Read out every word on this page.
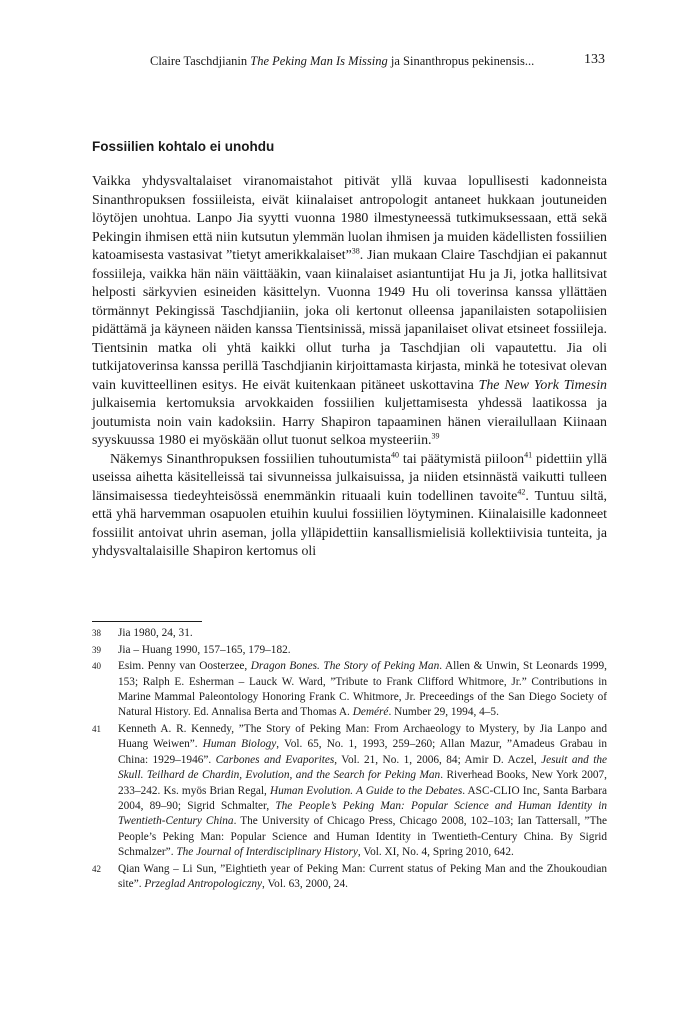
Claire Taschdjianin The Peking Man Is Missing ja Sinanthropus pekinensis...	133
Fossiilien kohtalo ei unohdu

Vaikka yhdysvaltalaiset viranomaistahot pitivät yllä kuvaa lopullisesti kadonneista Sinanthropuksen fossiileista, eivät kiinalaiset antropologit antaneet hukkaan joutuneiden löytöjen unohtua. Lanpo Jia syytti vuonna 1980 ilmestyneessä tutkimuksessaan, että sekä Pekingin ihmisen että niin kutsutun ylemmän luolan ihmisen ja muiden kädellisten fossiilien katoamisesta vastasivat ”tietyt amerikkalaiset”$^{38}$. Jian mukaan Claire Taschdjian ei pakannut fossiileja, vaikka hän näin väittääkin, vaan kiinalaiset asiantuntijat Hu ja Ji, jotka hallitsivat helposti särkyvien esineiden käsittelyn. Vuonna 1949 Hu oli toverinsa kanssa yllättäen törmännyt Pekingissä Taschdjianiin, joka oli kertonut olleensa japanilaisten sotapoliisien pidättämä ja käyneen näiden kanssa Tientsinissä, missä japanilaiset olivat etsineet fossiileja. Tientsinin matka oli yhtä kaikki ollut turha ja Taschdjian oli vapautettu. Jia oli tutkijatoverinsa kanssa perillä Taschdjianin kirjoittamasta kirjasta, minkä he totesivat olevan vain kuvitteellinen esitys. He eivät kuitenkaan pitäneet uskottavina The New York Timesin julkaisemia kertomuksia arvokkaiden fossiilien kuljettamisesta yhdessä laatikossa ja joutumista noin vain kadoksiin. Harry Shapiron tapaaminen hänen vierailullaan Kiinaan syyskuussa 1980 ei myöskään ollut tuonut selkoa mysteeriin.$^{39}$

Näkemys Sinanthropuksen fossiilien tuhoutumista$^{40}$ tai päätymistä piiloon$^{41}$ pidettiin yllä useissa aihetta käsitelleissä tai sivunneissa julkaisuissa, ja niiden etsinnästä vaikutti tulleen länsimaisessa tiedeyhteisössä enemmänkin rituaali kuin todellinen tavoite$^{42}$. Tuntuu siltä, että yhä harvemman osapuolen etuihin kuului fossiilien löytyminen. Kiinalaisille kadonneet fossiilit antoivat uhrin aseman, jolla ylläpidettiin kansallismielisiä kollektiivisia tunteita, ja yhdysvaltalaisille Shapiron kertomus oli

38	Jia 1980, 24, 31.
39	Jia – Huang 1990, 157–165, 179–182.
40	Esim. Penny van Oosterzee, Dragon Bones. The Story of Peking Man. Allen & Unwin, St Leonards 1999, 153; Ralph E. Esherman – Lauck W. Ward, ”Tribute to Frank Clifford Whitmore, Jr.” Contributions in Marine Mammal Paleontology Honoring Frank C. Whitmore, Jr. Preceedings of the San Diego Society of Natural History. Ed. Annalisa Berta and Thomas A. Deméré. Number 29, 1994, 4–5.
41	Kenneth A. R. Kennedy, ”The Story of Peking Man: From Archaeology to Mystery, by Jia Lanpo and Huang Weiwen”. Human Biology, Vol. 65, No. 1, 1993, 259–260; Allan Mazur, ”Amadeus Grabau in China: 1929–1946”. Carbones and Evaporites, Vol. 21, No. 1, 2006, 84; Amir D. Aczel, Jesuit and the Skull. Teilhard de Chardin, Evolution, and the Search for Peking Man. Riverhead Books, New York 2007, 233–242. Ks. myös Brian Regal, Human Evolution. A Guide to the Debates. ASC-CLIO Inc, Santa Barbara 2004, 89–90; Sigrid Schmalter, The People’s Peking Man: Popular Science and Human Identity in Twentieth-Century China. The University of Chicago Press, Chicago 2008, 102–103; Ian Tattersall, ”The People’s Peking Man: Popular Science and Human Identity in Twentieth-Century China. By Sigrid Schmalzer”. The Journal of Interdisciplinary History, Vol. XI, No. 4, Spring 2010, 642.
42	Qian Wang – Li Sun, ”Eightieth year of Peking Man: Current status of Peking Man and the Zhoukoudian site”. Przeglad Antropologiczny, Vol. 63, 2000, 24.
